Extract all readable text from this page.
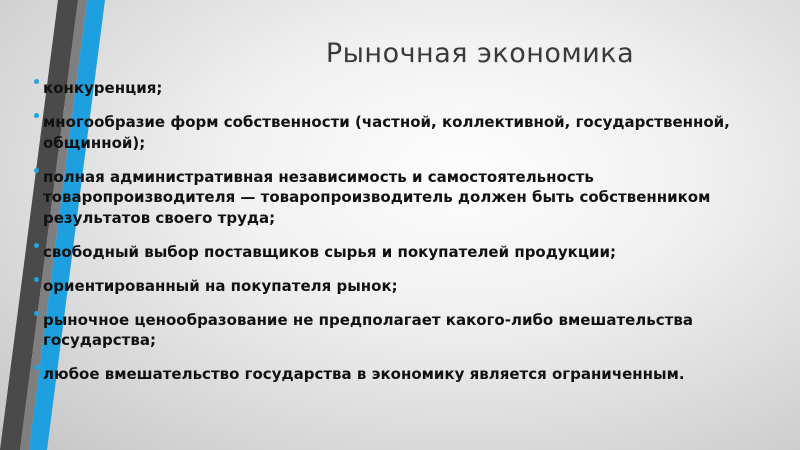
Рыночная экономика
конкуренция;
многообразие форм собственности (частной, коллективной, государственной, общинной);
полная административная независимость и самостоятельность товаропроизводителя — товаропроизводитель должен быть собственником результатов своего труда;
свободный выбор поставщиков сырья и покупателей продукции;
ориентированный на покупателя рынок;
рыночное ценообразование не предполагает какого-либо вмешательства государства;
любое вмешательство государства в экономику является ограниченным.
